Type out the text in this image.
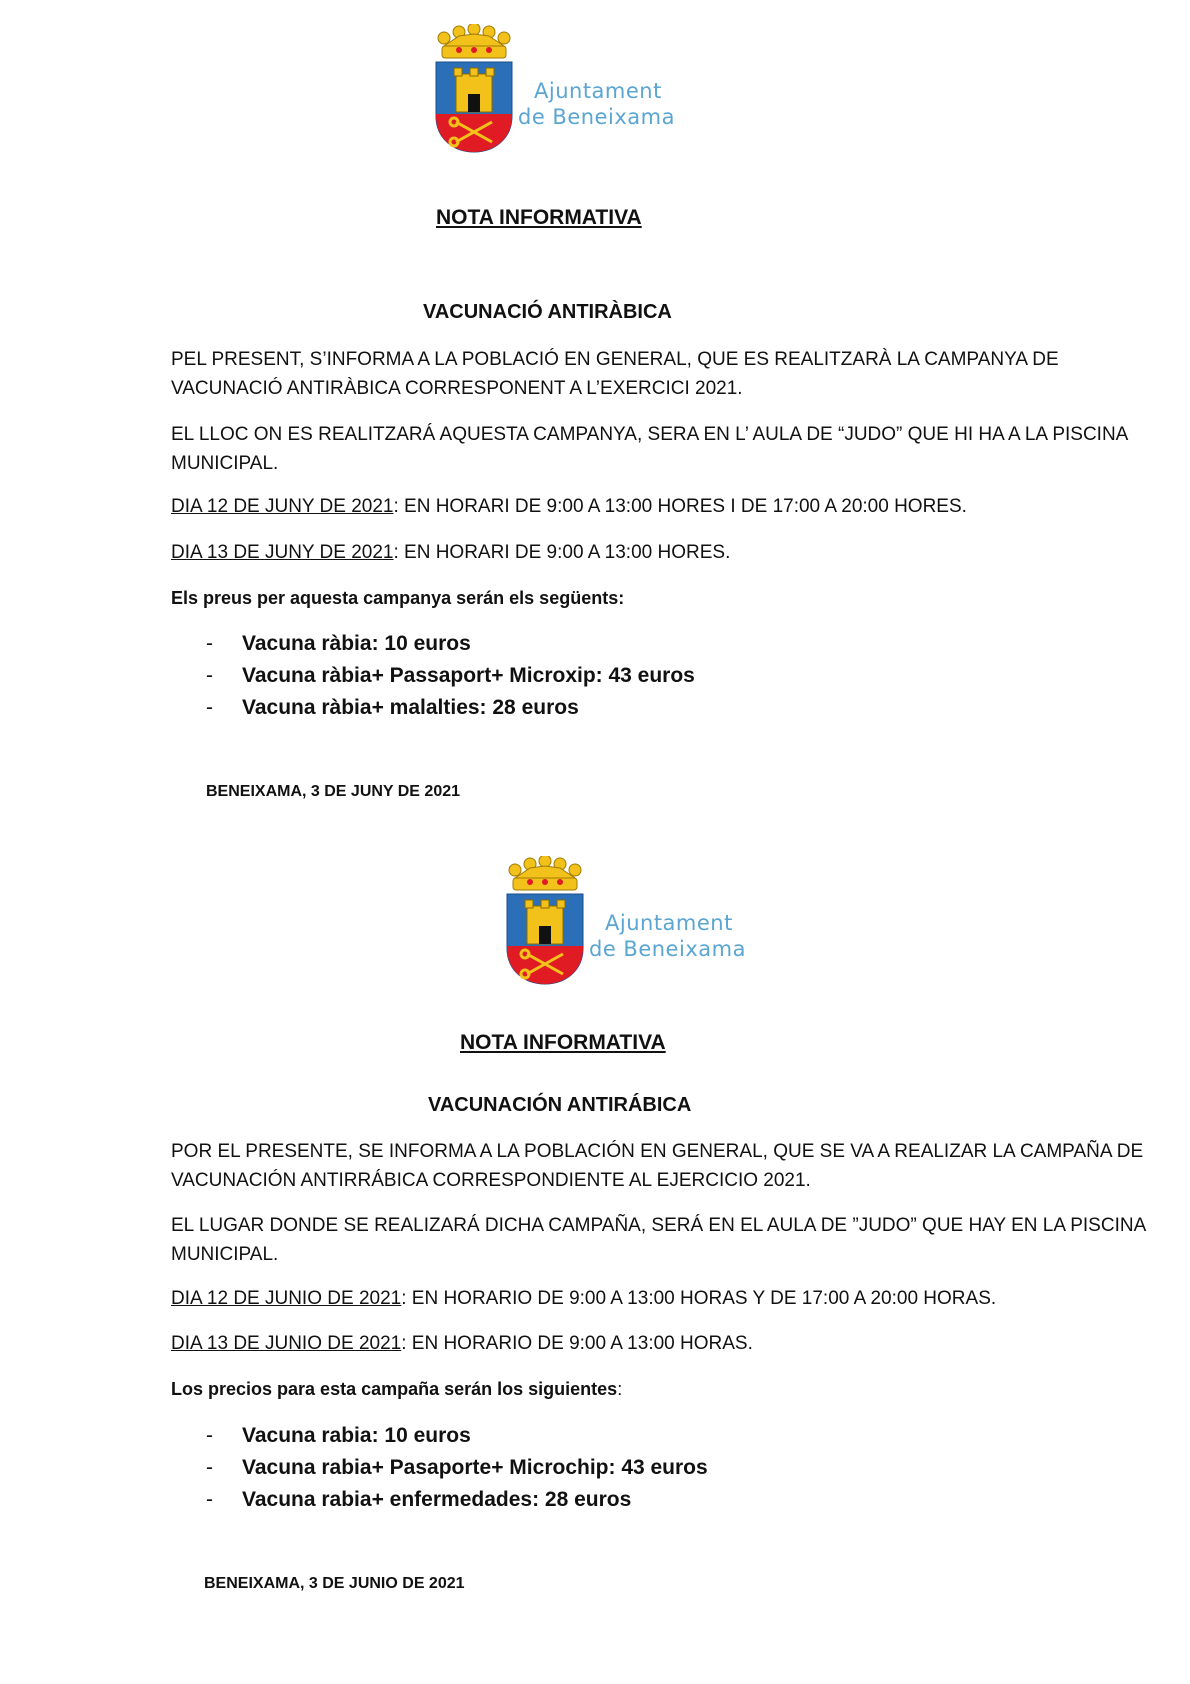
Ajuntament
de Beneixama
NOTA INFORMATIVA
VACUNACIÓ ANTIRÀBICA
PEL PRESENT, S’INFORMA A LA POBLACIÓ EN GENERAL, QUE ES REALITZARÀ LA CAMPANYA DE VACUNACIÓ ANTIRÀBICA CORRESPONENT A L’EXERCICI 2021.
EL LLOC ON ES REALITZARÁ AQUESTA CAMPANYA, SERA EN L’ AULA DE “JUDO” QUE HI HA A LA PISCINA MUNICIPAL.
DIA 12 DE JUNY DE 2021: EN HORARI DE 9:00 A 13:00 HORES I DE 17:00 A 20:00 HORES.
DIA 13 DE JUNY DE 2021: EN HORARI DE 9:00 A 13:00 HORES.
Els preus per aquesta campanya serán els següents:
- Vacuna ràbia: 10 euros
- Vacuna ràbia+ Passaport+ Microxip: 43 euros
- Vacuna ràbia+ malalties: 28 euros
BENEIXAMA, 3 DE JUNY DE 2021
Ajuntament
de Beneixama
NOTA INFORMATIVA
VACUNACIÓN ANTIRÁBICA
POR EL PRESENTE, SE INFORMA A LA POBLACIÓN EN GENERAL, QUE SE VA A REALIZAR LA CAMPAÑA DE VACUNACIÓN ANTIRRÁBICA CORRESPONDIENTE AL EJERCICIO 2021.
EL LUGAR DONDE SE REALIZARÁ DICHA CAMPAÑA, SERÁ EN EL AULA DE ”JUDO” QUE HAY EN LA PISCINA MUNICIPAL.
DIA 12 DE JUNIO DE 2021: EN HORARIO DE 9:00 A 13:00 HORAS Y DE 17:00 A 20:00 HORAS.
DIA 13 DE JUNIO DE 2021: EN HORARIO DE 9:00 A 13:00 HORAS.
Los precios para esta campaña serán los siguientes:
- Vacuna rabia: 10 euros
- Vacuna rabia+ Pasaporte+ Microchip: 43 euros
- Vacuna rabia+ enfermedades: 28 euros
BENEIXAMA, 3 DE JUNIO DE 2021
